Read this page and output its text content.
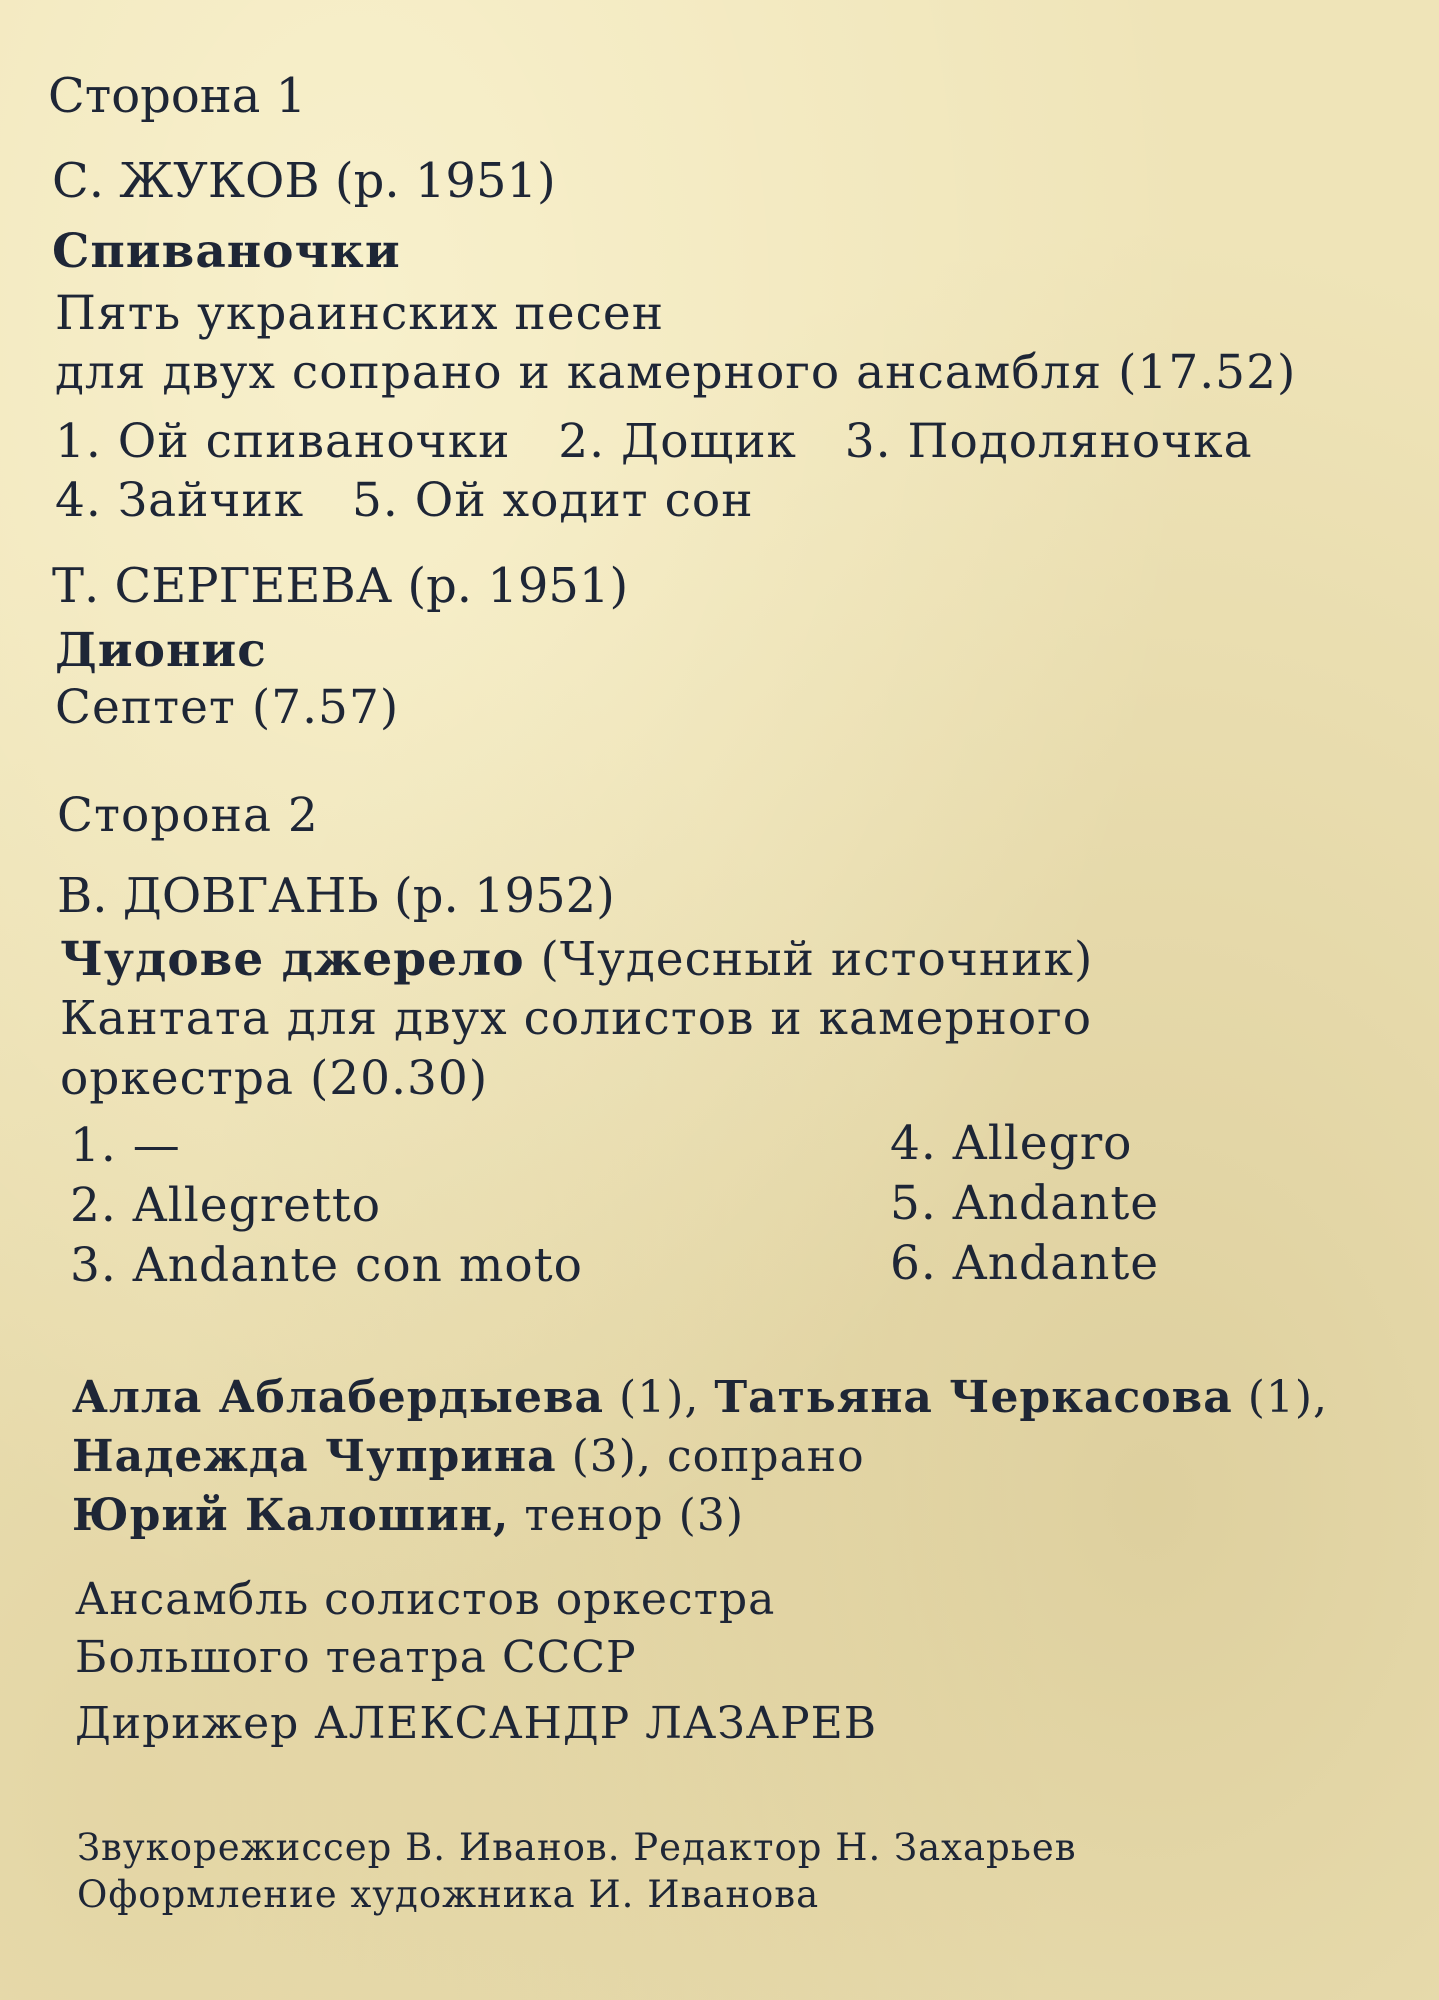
Сторона 1
С. ЖУКОВ (р. 1951)
Спиваночки
Пять украинских песен
для двух сопрано и камерного ансамбля (17.52)
1. Ой спиваночки   2. Дощик   3. Подоляночка
4. Зайчик   5. Ой ходит сон
Т. СЕРГЕЕВА (р. 1951)
Дионис
Септет (7.57)
Сторона 2
В. ДОВГАНЬ (р. 1952)
Чудове джерело (Чудесный источник)
Кантата для двух солистов и камерного
оркестра (20.30)
1. —
2. Allegretto
3. Andante con moto
4. Allegro
5. Andante
6. Andante
Алла Аблабердыева (1), Татьяна Черкасова (1),
Надежда Чуприна (3), сопрано
Юрий Калошин, тенор (3)
Ансамбль солистов оркестра
Большого театра СССР
Дирижер АЛЕКСАНДР ЛАЗАРЕВ
Звукорежиссер В. Иванов. Редактор Н. Захарьев
Оформление художника И. Иванова
